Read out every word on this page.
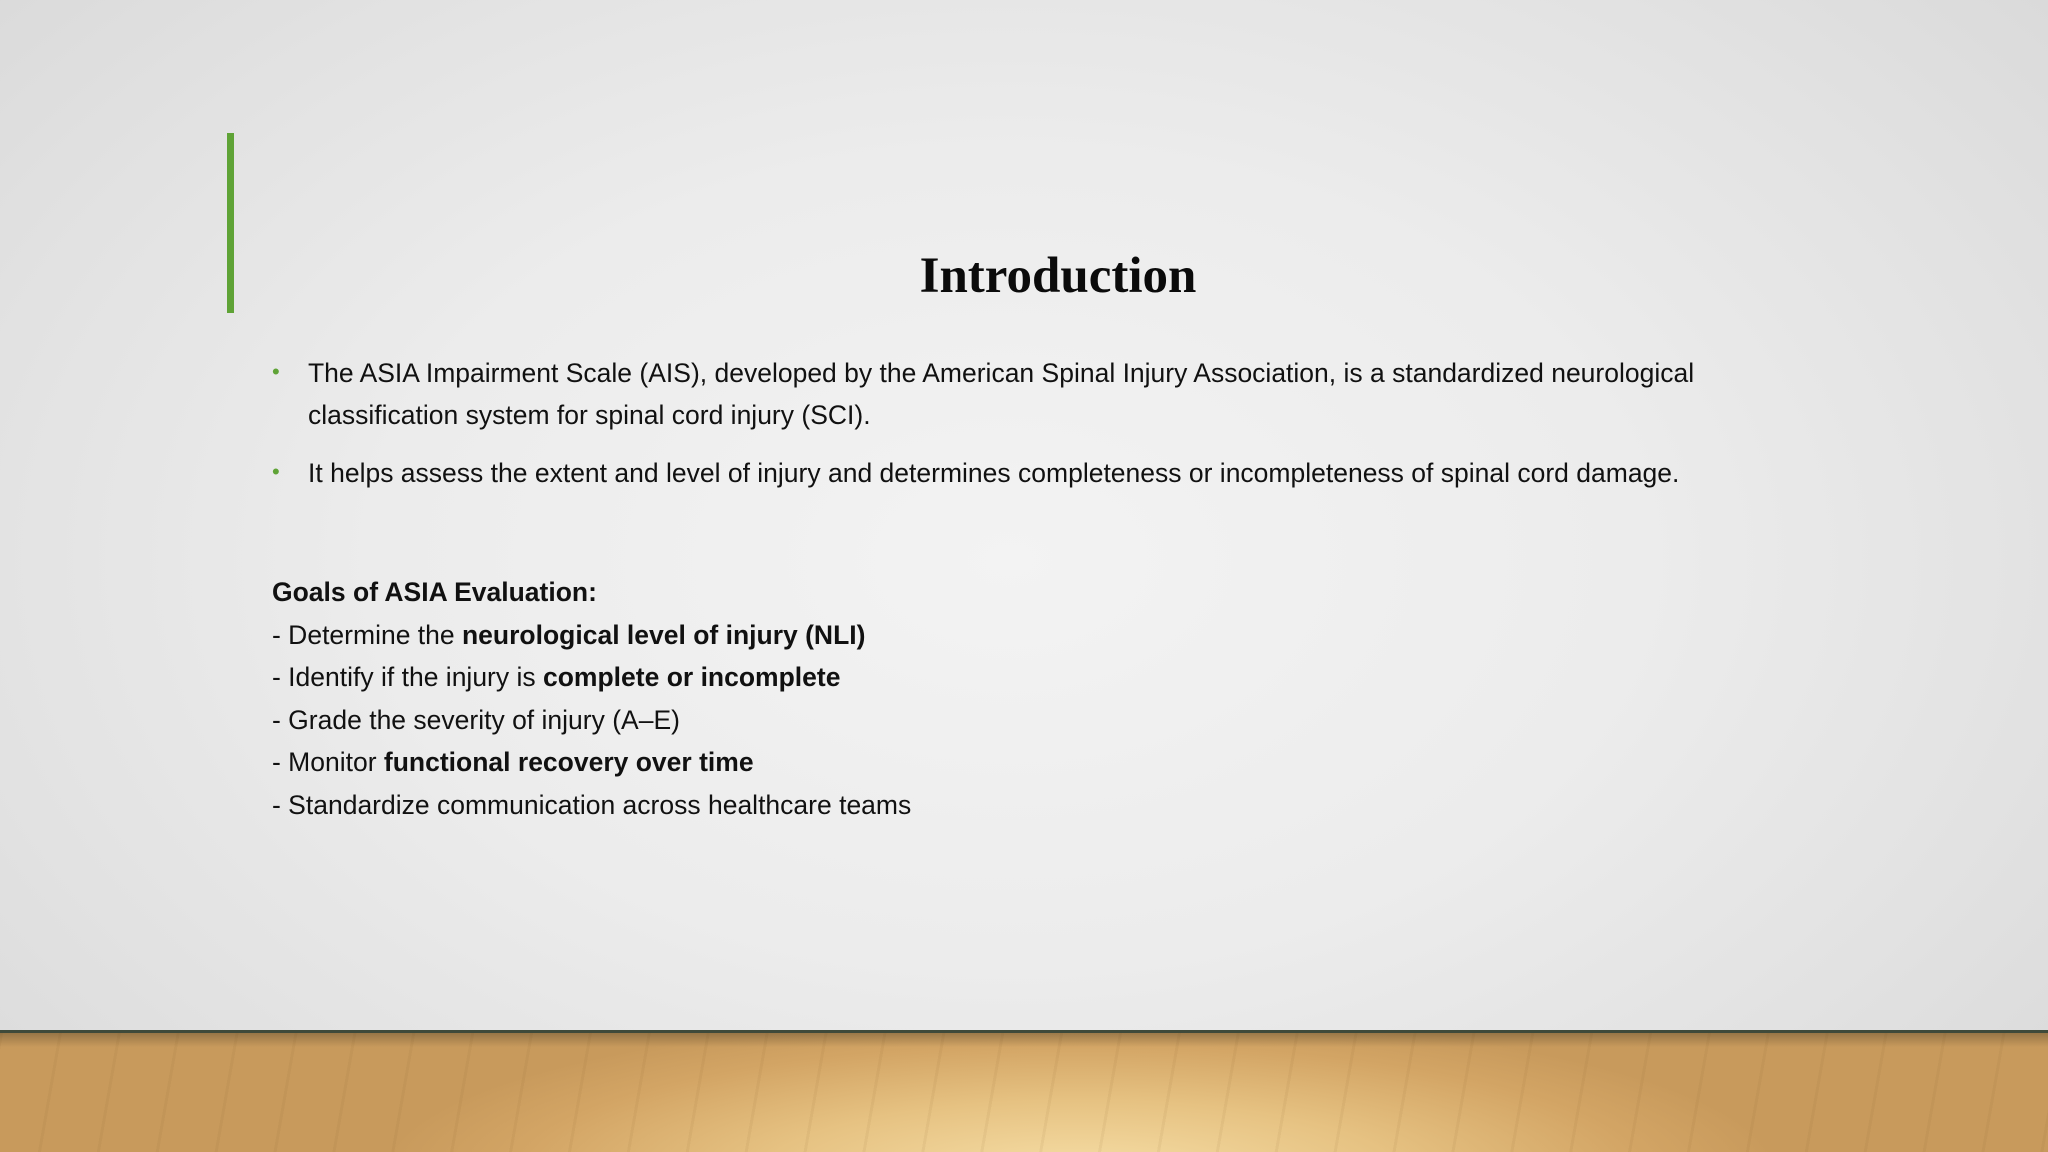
Introduction
• The ASIA Impairment Scale (AIS), developed by the American Spinal Injury Association, is a standardized neurological classification system for spinal cord injury (SCI).
• It helps assess the extent and level of injury and determines completeness or incompleteness of spinal cord damage.
Goals of ASIA Evaluation:
- Determine the neurological level of injury (NLI)
- Identify if the injury is complete or incomplete
- Grade the severity of injury (A–E)
- Monitor functional recovery over time
- Standardize communication across healthcare teams
